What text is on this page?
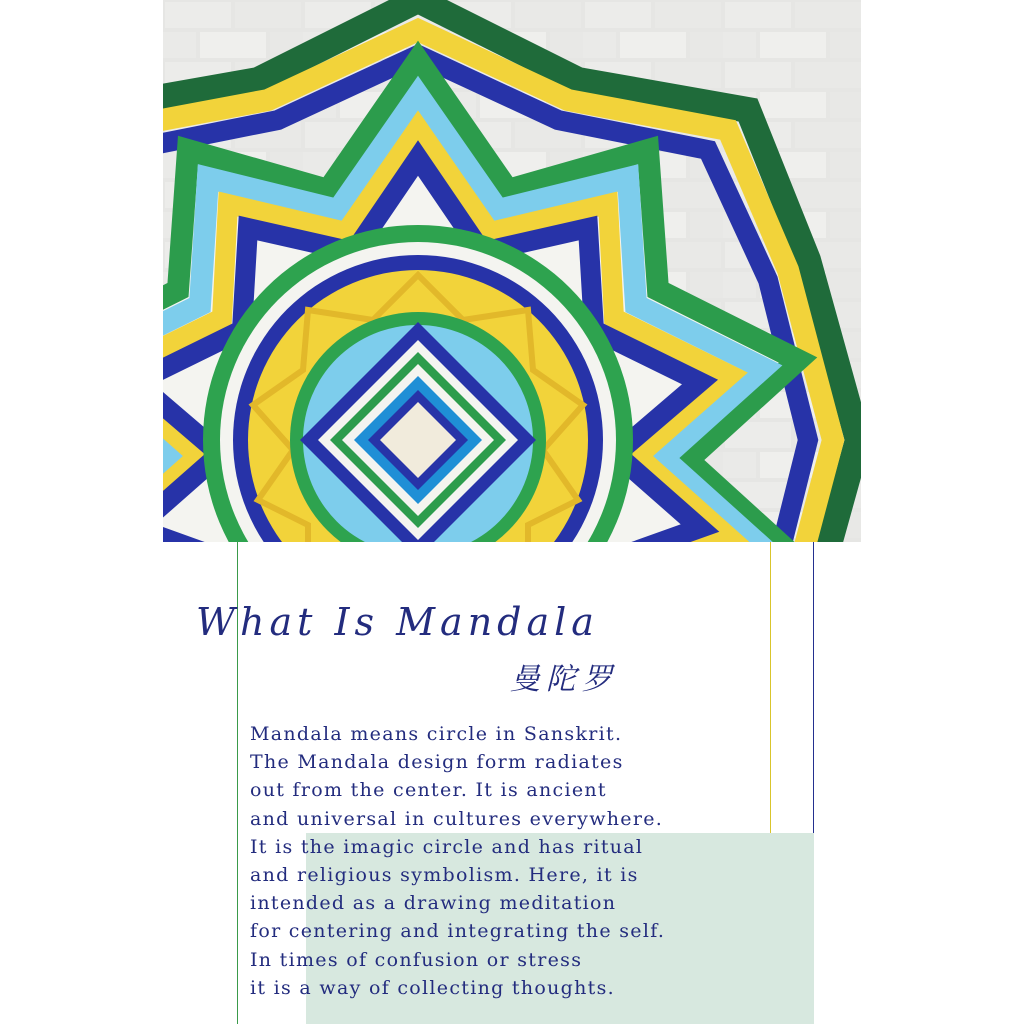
What Is Mandala
曼陀罗
Mandala means circle in Sanskrit.
The Mandala design form radiates
out from the center. It is ancient
and universal in cultures everywhere.
It is the imagic circle and has ritual
and religious symbolism. Here, it is
intended as a drawing meditation
for centering and integrating the self.
In times of confusion or stress
it is a way of collecting thoughts.
